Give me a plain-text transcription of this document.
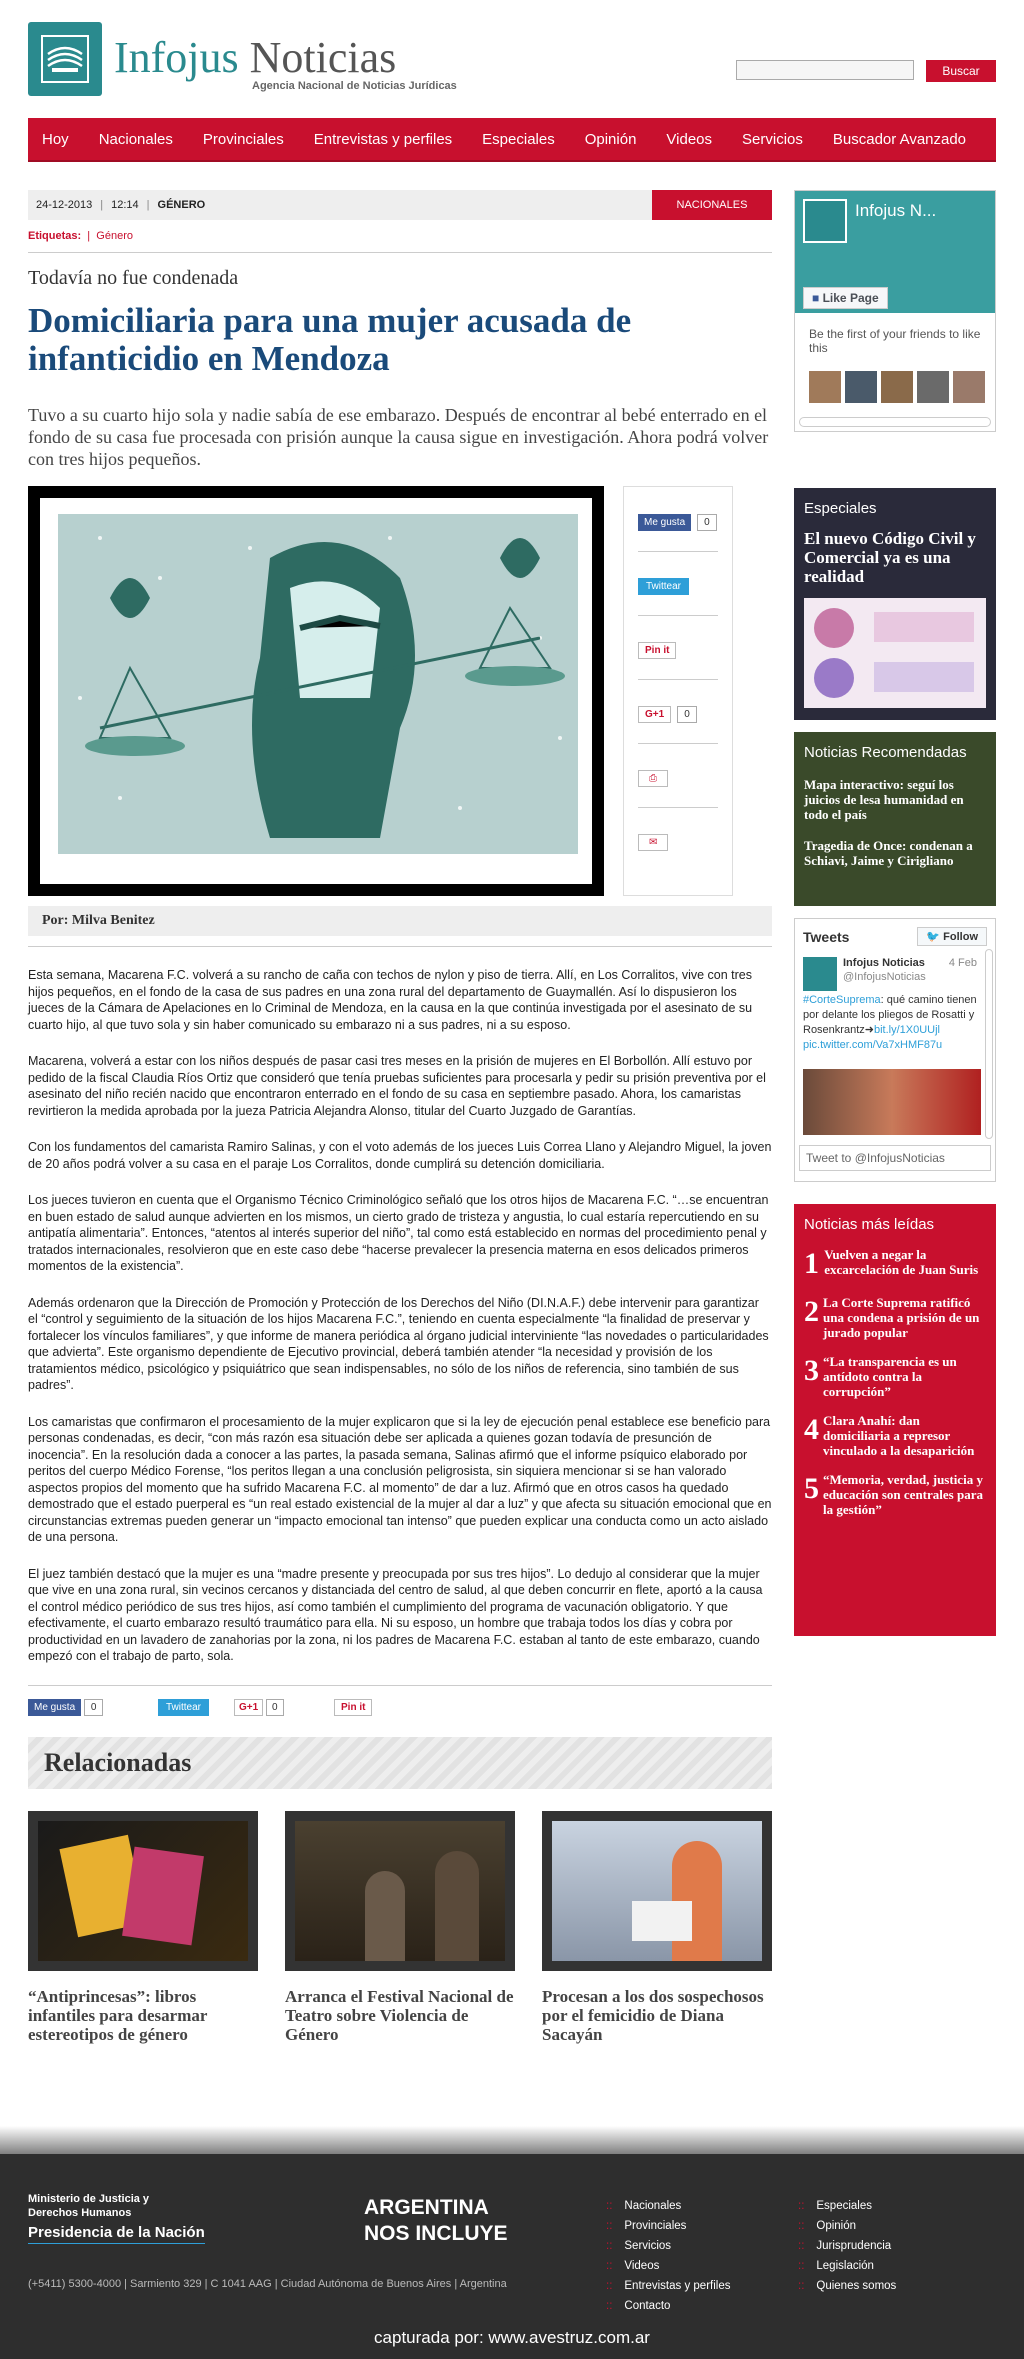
Infojus Noticias
Agencia Nacional de Noticias Jurídicas
Buscar
Hoy Nacionales Provinciales Entrevistas y perfiles Especiales Opinión Videos Servicios Buscador Avanzado
24-12-2013 | 12:14 | GÉNERO	NACIONALES
Etiquetas:  |  Género
Todavía no fue condenada
Domiciliaria para una mujer acusada de infanticidio en Mendoza
Tuvo a su cuarto hijo sola y nadie sabía de ese embarazo. Después de encontrar al bebé enterrado en el fondo de su casa fue procesada con prisión aunque la causa sigue en investigación. Ahora podrá volver con tres hijos pequeños.
Me gusta	0
Twittear
Pin it
G+1	0
⎙
✉
Por: Milva Benitez

Esta semana, Macarena F.C. volverá a su rancho de caña con techos de nylon y piso de tierra. Allí, en Los Corralitos, vive con tres hijos pequeños, en el fondo de la casa de sus padres en una zona rural del departamento de Guaymallén. Así lo dispusieron los jueces de la Cámara de Apelaciones en lo Criminal de Mendoza, en la causa en la que continúa investigada por el asesinato de su cuarto hijo, al que tuvo sola y sin haber comunicado su embarazo ni a sus padres, ni a su esposo.

Macarena, volverá a estar con los niños después de pasar casi tres meses en la prisión de mujeres en El Borbollón. Allí estuvo por pedido de la fiscal Claudia Ríos Ortiz que consideró que tenía pruebas suficientes para procesarla y pedir su prisión preventiva por el asesinato del niño recién nacido que encontraron enterrado en el fondo de su casa en septiembre pasado. Ahora, los camaristas revirtieron la medida aprobada por la jueza Patricia Alejandra Alonso, titular del Cuarto Juzgado de Garantías.

Con los fundamentos del camarista Ramiro Salinas, y con el voto además de los jueces Luis Correa Llano y Alejandro Miguel, la joven de 20 años podrá volver a su casa en el paraje Los Corralitos, donde cumplirá su detención domiciliaria.

Los jueces tuvieron en cuenta que el Organismo Técnico Criminológico señaló que los otros hijos de Macarena F.C. “…se encuentran en buen estado de salud aunque advierten en los mismos, un cierto grado de tristeza y angustia, lo cual estaría repercutiendo en su antipatía alimentaria”. Entonces, “atentos al interés superior del niño”, tal como está establecido en normas del procedimiento penal y tratados internacionales, resolvieron que en este caso debe “hacerse prevalecer la presencia materna en esos delicados primeros momentos de la existencia”.

Además ordenaron que la Dirección de Promoción y Protección de los Derechos del Niño (DI.N.A.F.) debe intervenir para garantizar el “control y seguimiento de la situación de los hijos Macarena F.C.”, teniendo en cuenta especialmente “la finalidad de preservar y fortalecer los vínculos familiares”, y que informe de manera periódica al órgano judicial interviniente “las novedades o particularidades que advierta”. Este organismo dependiente de Ejecutivo provincial, deberá también atender “la necesidad y provisión de los tratamientos médico, psicológico y psiquiátrico que sean indispensables, no sólo de los niños de referencia, sino también de sus padres”.

Los camaristas que confirmaron el procesamiento de la mujer explicaron que si la ley de ejecución penal establece ese beneficio para personas condenadas, es decir, “con más razón esa situación debe ser aplicada a quienes gozan todavía de presunción de inocencia”. En la resolución dada a conocer a las partes, la pasada semana, Salinas afirmó que el informe psíquico elaborado por peritos del cuerpo Médico Forense, “los peritos llegan a una conclusión peligrosista, sin siquiera mencionar si se han valorado aspectos propios del momento que ha sufrido Macarena F.C. al momento” de dar a luz. Afirmó que en otros casos ha quedado demostrado que el estado puerperal es “un real estado existencial de la mujer al dar a luz” y que afecta su situación emocional que en circunstancias extremas pueden generar un “impacto emocional tan intenso” que pueden explicar una conducta como un acto aislado de una persona.

El juez también destacó que la mujer es una “madre presente y preocupada por sus tres hijos”. Lo dedujo al considerar que la mujer que vive en una zona rural, sin vecinos cercanos y distanciada del centro de salud, al que deben concurrir en flete, aportó a la causa el control médico periódico de sus tres hijos, así como también el cumplimiento del programa de vacunación obligatorio. Y que efectivamente, el cuarto embarazo resultó traumático para ella. Ni su esposo, un hombre que trabaja todos los días y cobra por productividad en un lavadero de zanahorias por la zona, ni los padres de Macarena F.C. estaban al tanto de este embarazo, cuando empezó con el trabajo de parto, sola.

Me gusta 0	Twittear	G+1 0	Pin it
Relacionadas
“Antiprincesas”: libros infantiles para desarmar estereotipos de género
Arranca el Festival Nacional de Teatro sobre Violencia de Género
Procesan a los dos sospechosos por el femicidio de Diana Sacayán
Infojus N...
■ Like Page
Be the first of your friends to like this
Especiales
El nuevo Código Civil y Comercial ya es una realidad
Noticias Recomendadas

Mapa interactivo: seguí los juicios de lesa humanidad en todo el país

Tragedia de Once: condenan a Schiavi, Jaime y Cirigliano

Tweets	🐦 Follow
Infojus Noticias 4 Feb
@InfojusNoticias
#CorteSuprema: qué camino tienen por delante los pliegos de Rosatti y Rosenkrantz➜bit.ly/1X0UUjl
pic.twitter.com/Va7xHMF87u
Tweet to @InfojusNoticias
Noticias más leídas
1 Vuelven a negar la excarcelación de Juan Suris
2 La Corte Suprema ratificó una condena a prisión de un jurado popular
3 “La transparencia es un antídoto contra la corrupción”
4 Clara Anahí: dan domiciliaria a represor vinculado a la desaparición
5 “Memoria, verdad, justicia y educación son centrales para la gestión”
Ministerio de Justicia y Derechos Humanos
Presidencia de la Nación
ARGENTINA
NOS INCLUYE
(+5411) 5300-4000 | Sarmiento 329 | C 1041 AAG | Ciudad Autónoma de Buenos Aires | Argentina
:: Nacionales
:: Provinciales
:: Servicios
:: Videos
:: Entrevistas y perfiles
:: Contacto
:: Especiales
:: Opinión
:: Jurisprudencia
:: Legislación
:: Quienes somos
capturada por: www.avestruz.com.ar
